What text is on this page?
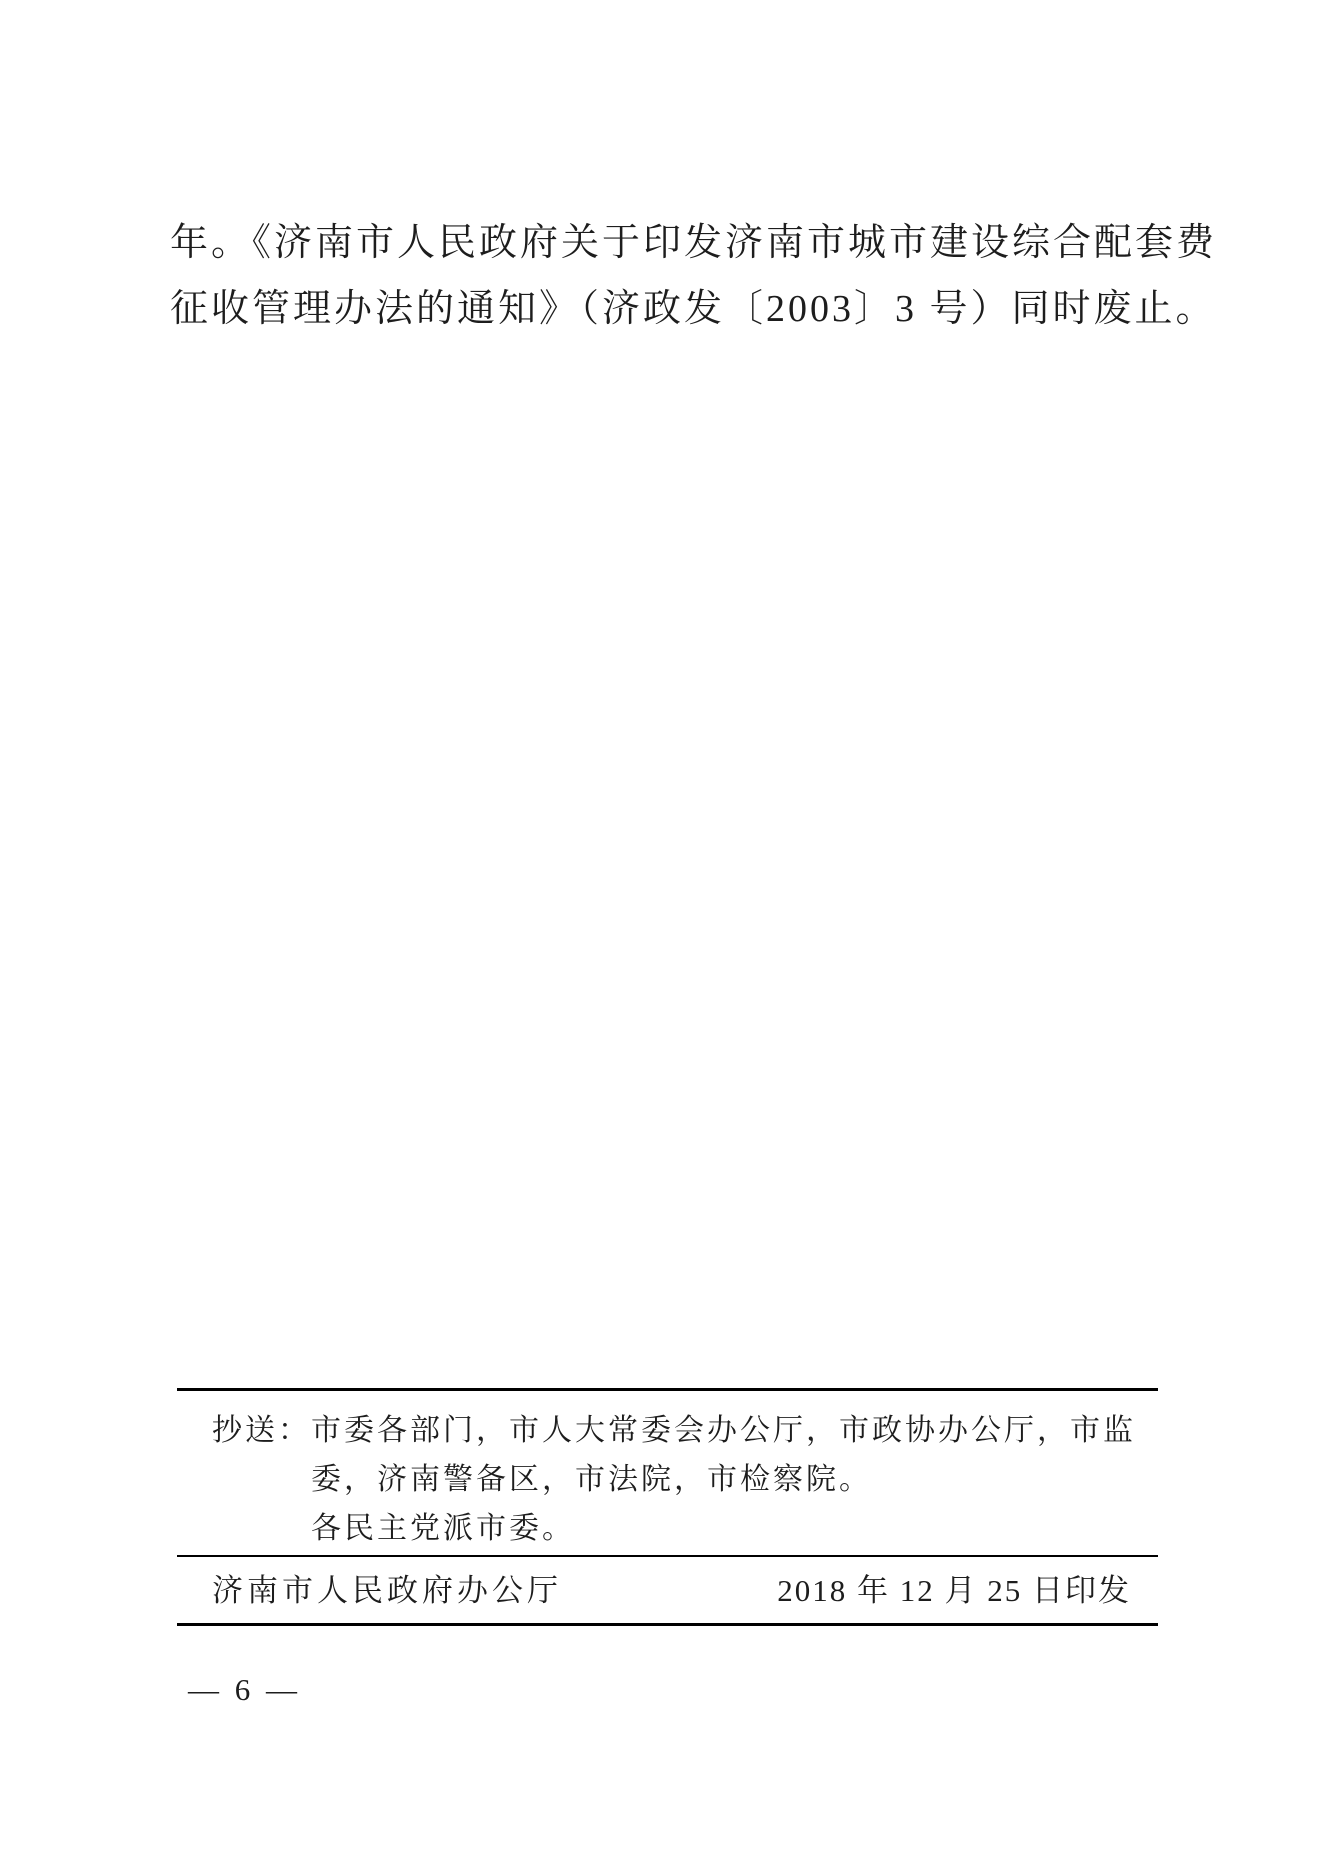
年。《济南市人民政府关于印发济南市城市建设综合配套费
征收管理办法的通知》（济政发〔2003〕3 号）同时废止。
抄送： 市委各部门，市人大常委会办公厅，市政协办公厅，市监
委，济南警备区，市法院，市检察院。
各民主党派市委。
济南市人民政府办公厅	2018 年 12 月 25 日印发
— 6 —
